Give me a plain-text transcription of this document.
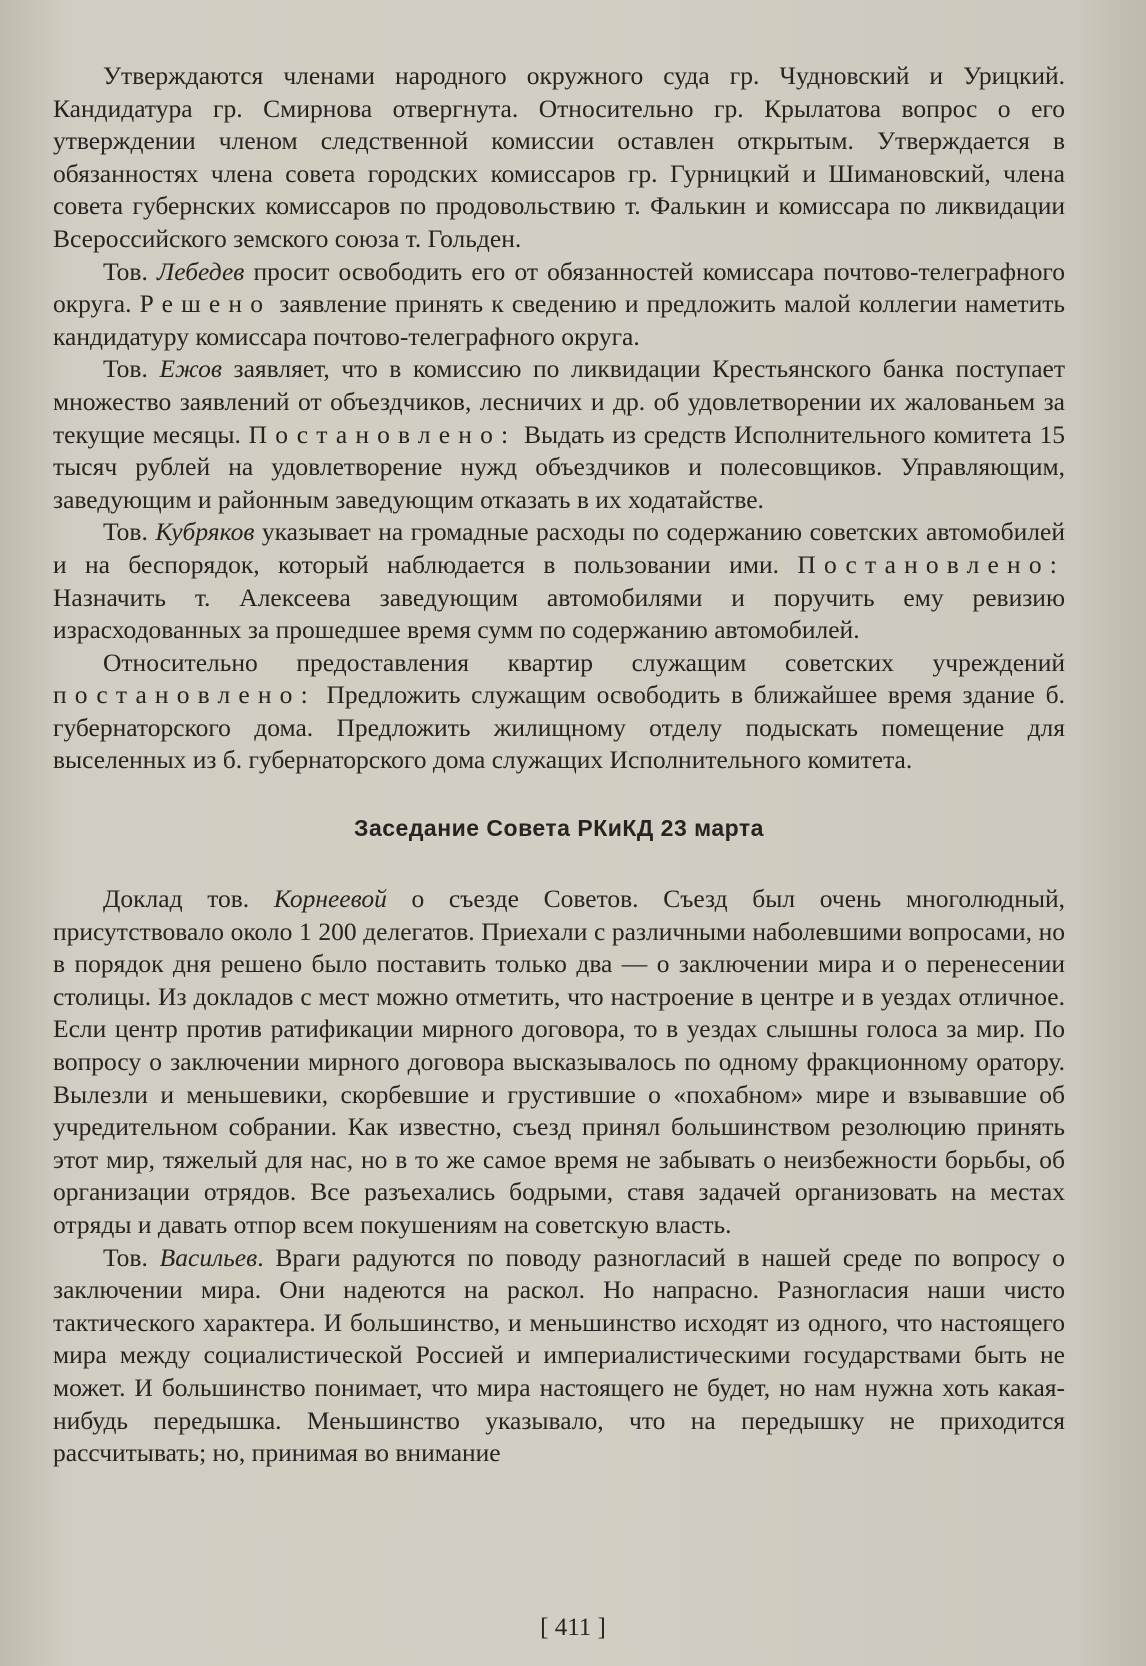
Утверждаются членами народного окружного суда гр. Чудновский и Урицкий. Кандидатура гр. Смирнова отвергнута. Относительно гр. Крылатова вопрос о его утверждении членом следственной комиссии оставлен открытым. Утверждается в обязанностях члена совета городских комиссаров гр. Гурницкий и Шимановский, члена совета губернских комиссаров по продовольствию т. Фалькин и комиссара по ликвидации Всероссийского земского союза т. Гольден.

Тов. Лебедев просит освободить его от обязанностей комиссара почтово-телеграфного округа. Решено заявление принять к сведению и предложить малой коллегии наметить кандидатуру комиссара почтово-телеграфного округа.

Тов. Ежов заявляет, что в комиссию по ликвидации Крестьянского банка поступает множество заявлений от объездчиков, лесничих и др. об удовлетворении их жалованьем за текущие месяцы. Постановлено: Выдать из средств Исполнительного комитета 15 тысяч рублей на удовлетворение нужд объездчиков и полесовщиков. Управляющим, заведующим и районным заведующим отказать в их ходатайстве.

Тов. Кубряков указывает на громадные расходы по содержанию советских автомобилей и на беспорядок, который наблюдается в пользовании ими. Постановлено: Назначить т. Алексеева заведующим автомобилями и поручить ему ревизию израсходованных за прошедшее время сумм по содержанию автомобилей.

Относительно предоставления квартир служащим советских учреждений постановлено: Предложить служащим освободить в ближайшее время здание б. губернаторского дома. Предложить жилищному отделу подыскать помещение для выселенных из б. губернаторского дома служащих Исполнительного комитета.

Заседание Совета РКиКД 23 марта

Доклад тов. Корнеевой о съезде Советов. Съезд был очень многолюдный, присутствовало около 1 200 делегатов. Приехали с различными наболевшими вопросами, но в порядок дня решено было поставить только два — о заключении мира и о перенесении столицы. Из докладов с мест можно отметить, что настроение в центре и в уездах отличное. Если центр против ратификации мирного договора, то в уездах слышны голоса за мир. По вопросу о заключении мирного договора высказывалось по одному фракционному оратору. Вылезли и меньшевики, скорбевшие и грустившие о «похабном» мире и взывавшие об учредительном собрании. Как известно, съезд принял большинством резолюцию принять этот мир, тяжелый для нас, но в то же самое время не забывать о неизбежности борьбы, об организации отрядов. Все разъехались бодрыми, ставя задачей организовать на местах отряды и давать отпор всем покушениям на советскую власть.

Тов. Васильев. Враги радуются по поводу разногласий в нашей среде по вопросу о заключении мира. Они надеются на раскол. Но напрасно. Разногласия наши чисто тактического характера. И большинство, и меньшинство исходят из одного, что настоящего мира между социалистической Россией и империалистическими государствами быть не может. И большинство понимает, что мира настоящего не будет, но нам нужна хоть какая-нибудь передышка. Меньшинство указывало, что на передышку не приходится рассчитывать; но, принимая во внимание

[ 411 ]
